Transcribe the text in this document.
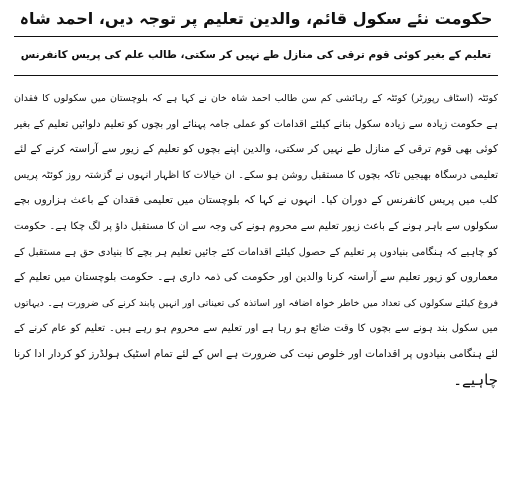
حکومت نئے سکول قائم، والدین تعلیم پر توجہ دیں، احمد شاہ
تعلیم کے بغیر کوئی قوم ترقی کی منازل طے نہیں کر سکتی، طالب علم کی پریس کانفرنس
کوئٹہ (اسٹاف رپورٹر) کوئٹہ کے رہائشی کم سن طالب احمد شاہ خان نے کہا ہے کہ بلوچستان میں سکولوں کا فقدان
ہے حکومت زیادہ سے زیادہ سکول بنانے کیلئے اقدامات کو عملی جامہ پہنائے اور بچوں کو تعلیم دلوائیں تعلیم کے بغیر
کوئی بھی قوم ترقی کے منازل طے نہیں کر سکتی، والدین اپنے بچوں کو تعلیم کے زیور سے آراستہ کرنے کے لئے
تعلیمی درسگاہ بھیجیں تاکہ بچوں کا مستقبل روشن ہو سکے۔ ان خیالات کا اظہار انہوں نے گزشتہ روز کوئٹہ پریس
کلب میں پریس کانفرنس کے دوران کیا۔ انہوں نے کہا کہ بلوچستان میں تعلیمی فقدان کے باعث ہزاروں بچے
سکولوں سے باہر ہونے کے باعث زیور تعلیم سے محروم ہونے کی وجہ سے ان کا مستقبل داؤ پر لگ چکا ہے۔ حکومت
کو چاہیے کہ ہنگامی بنیادوں پر تعلیم کے حصول کیلئے اقدامات کئے جائیں تعلیم ہر بچے کا بنیادی حق ہے مستقبل کے
معماروں کو زیور تعلیم سے آراستہ کرنا والدین اور حکومت کی ذمہ داری ہے۔ حکومت بلوچستان میں تعلیم کے
فروغ کیلئے سکولوں کی تعداد میں خاطر خواہ اضافہ اور اساتذہ کی تعیناتی اور انہیں پابند کرنے کی ضرورت ہے۔ دیہاتوں
میں سکول بند ہونے سے بچوں کا وقت ضائع ہو رہا ہے اور تعلیم سے محروم ہو رہے ہیں۔ تعلیم کو عام کرنے کے
لئے ہنگامی بنیادوں پر اقدامات اور خلوص نیت کی ضرورت ہے اس کے لئے تمام اسٹیک ہولڈرز کو کردار ادا کرنا
چاہیے۔
